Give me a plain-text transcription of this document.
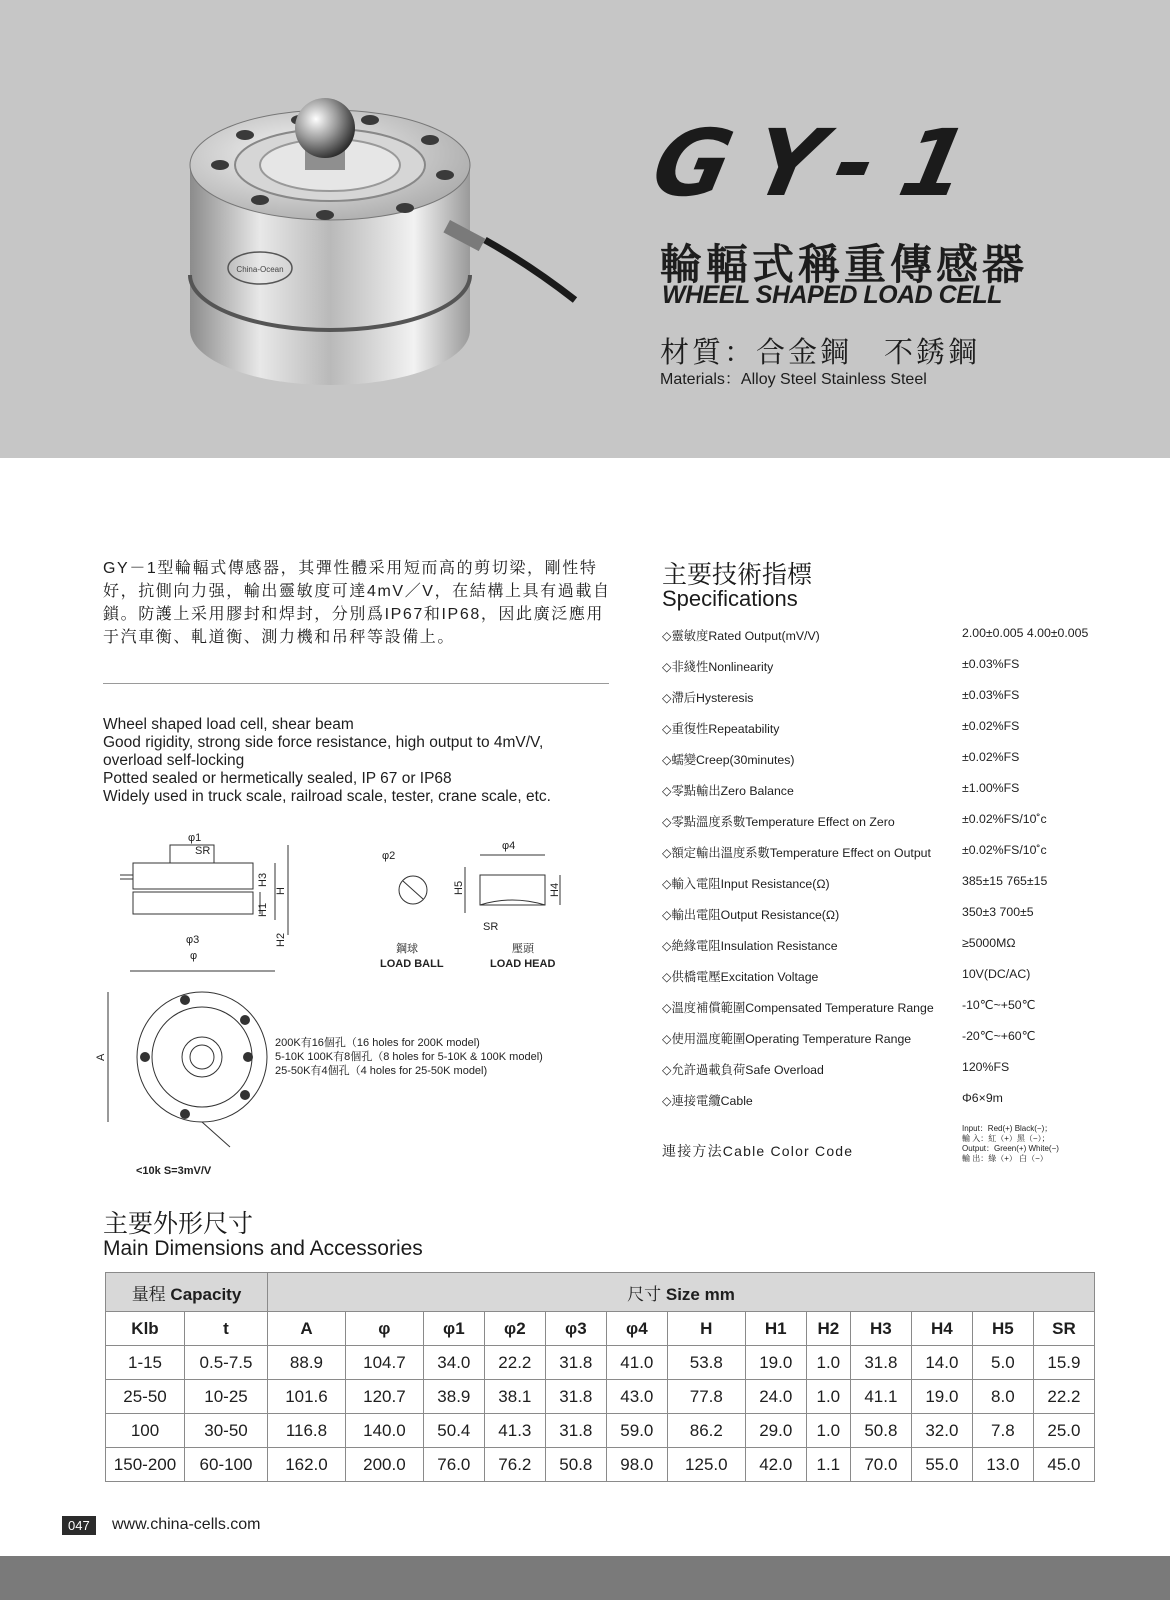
China-Ocean
GY-1
輪輻式稱重傳感器
WHEEL SHAPED LOAD CELL
材質：合金鋼　不銹鋼
Materials：Alloy Steel Stainless Steel
GY－1型輪輻式傳感器，其彈性體采用短而高的剪切梁，剛性特好，抗側向力强，輸出靈敏度可達4mV／V，在結構上具有過載自鎖。防護上采用膠封和焊封，分別爲IP67和IP68，因此廣泛應用于汽車衡、軋道衡、測力機和吊秤等設備上。
Wheel shaped load cell, shear beam
Good rigidity, strong side force resistance, high output to 4mV/V,
overload self-locking
Potted sealed or hermetically sealed, IP 67 or IP68
Widely used in truck scale, railroad scale, tester, crane scale, etc.
φ1
SR
H3
H
H1
H2
φ3
φ
φ2
H5
φ4
H4
SR
A
鋼球
LOAD BALL
壓頭
LOAD HEAD
200K有16個孔（16 holes for 200K model)
5-10K 100K有8個孔（8 holes for 5-10K & 100K model)
25-50K有4個孔（4 holes for 25-50K model)
<10k S=3mV/V
主要技術指標
Specifications
◇靈敏度Rated Output(mV/V)	2.00±0.005 4.00±0.005
◇非綫性Nonlinearity	±0.03%FS
◇滯后Hysteresis	±0.03%FS
◇重復性Repeatability	±0.02%FS
◇蠕變Creep(30minutes)	±0.02%FS
◇零點輸出Zero Balance	±1.00%FS
◇零點溫度系數Temperature Effect on Zero	±0.02%FS/10˚c
◇額定輸出溫度系數Temperature Effect on Output	±0.02%FS/10˚c
◇輸入電阻Input Resistance(Ω)	385±15 765±15
◇輸出電阻Output Resistance(Ω)	350±3 700±5
◇絶緣電阻Insulation Resistance	≥5000MΩ
◇供橋電壓Excitation Voltage	10V(DC/AC)
◇溫度補償範圍Compensated Temperature Range -10℃~+50℃
◇使用溫度範圍Operating Temperature Range	-20℃~+60℃
◇允許過載負荷Safe Overload	120%FS
◇連接電纜Cable	Φ6×9m
連接方法Cable Color Code
Input：Red(+) Black(−)；
輸 入：紅（+）黑（−）；
Output：Green(+) White(−)
輸 出：綠（+） 白（−）
主要外形尺寸
Main Dimensions and Accessories
量程 Capacity		尺寸 Size mm												
Klb	t	A	φ	φ1	φ2	φ3	φ4	H	H1	H2	H3	H4	H5	SR
1-15	0.5-7.5	88.9	104.7	34.0	22.2	31.8	41.0	53.8	19.0	1.0	31.8	14.0	5.0	15.9
25-50	10-25	101.6	120.7	38.9	38.1	31.8	43.0	77.8	24.0	1.0	41.1	19.0	8.0	22.2
100	30-50	116.8	140.0	50.4	41.3	31.8	59.0	86.2	29.0	1.0	50.8	32.0	7.8	25.0
150-200	60-100	162.0	200.0	76.0	76.2	50.8	98.0	125.0	42.0	1.1	70.0	55.0	13.0	45.0
047	www.china-cells.com
